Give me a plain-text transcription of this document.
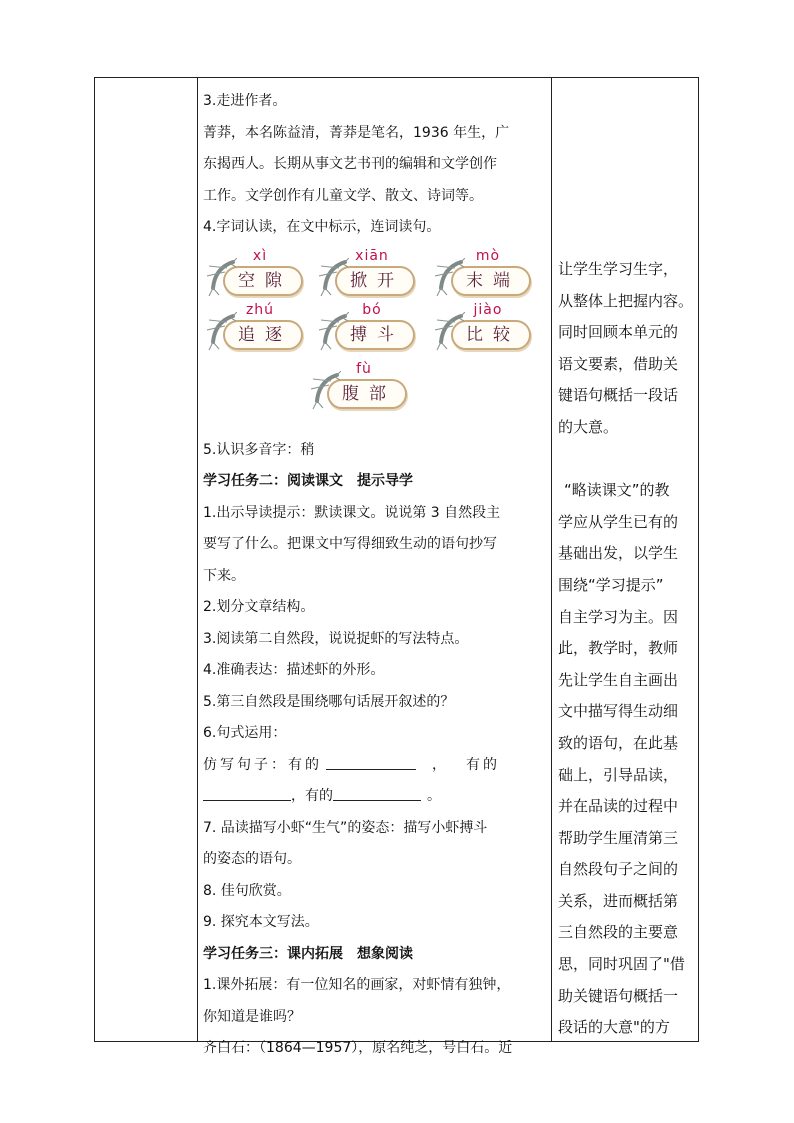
3.走进作者。
菁莽，本名陈益清，菁莽是笔名，1936 年生，广
东揭西人。长期从事文艺书刊的编辑和文学创作
工作。文学创作有儿童文学、散文、诗词等。
4.字词认读，在文中标示，连词读句。
xì
空隙
xiān
掀开
mò
末端
zhú
追逐
bó
搏斗
jiào
比较
fù
腹部
5.认识多音字：稍
学习任务二：阅读课文　提示导学
1.出示导读提示：默读课文。说说第 3 自然段主
要写了什么。把课文中写得细致生动的语句抄写
下来。
2.划分文章结构。
3.阅读第二自然段，说说捉虾的写法特点。
4.准确表达：描述虾的外形。
5.第三自然段是围绕哪句话展开叙述的？
6.句式运用：
仿写句子：有的	， 有的
，有的	。
7. 品读描写小虾“生气”的姿态：描写小虾搏斗
的姿态的语句。
8. 佳句欣赏。
9. 探究本文写法。
学习任务三：课内拓展　想象阅读
1.课外拓展：有一位知名的画家，对虾情有独钟，
你知道是谁吗？
齐白石：（1864—1957），原名纯芝，号白石。近
让学生学习生字，
从整体上把握内容。
同时回顾本单元的
语文要素，借助关
键语句概括一段话
的大意。
“略读课文”的教
学应从学生已有的
基础出发，以学生
围绕“学习提示”
自主学习为主。因
此，教学时，教师
先让学生自主画出
文中描写得生动细
致的语句，在此基
础上，引导品读，
并在品读的过程中
帮助学生厘清第三
自然段句子之间的
关系，进而概括第
三自然段的主要意
思，同时巩固了"借
助关键语句概括一
段话的大意"的方
